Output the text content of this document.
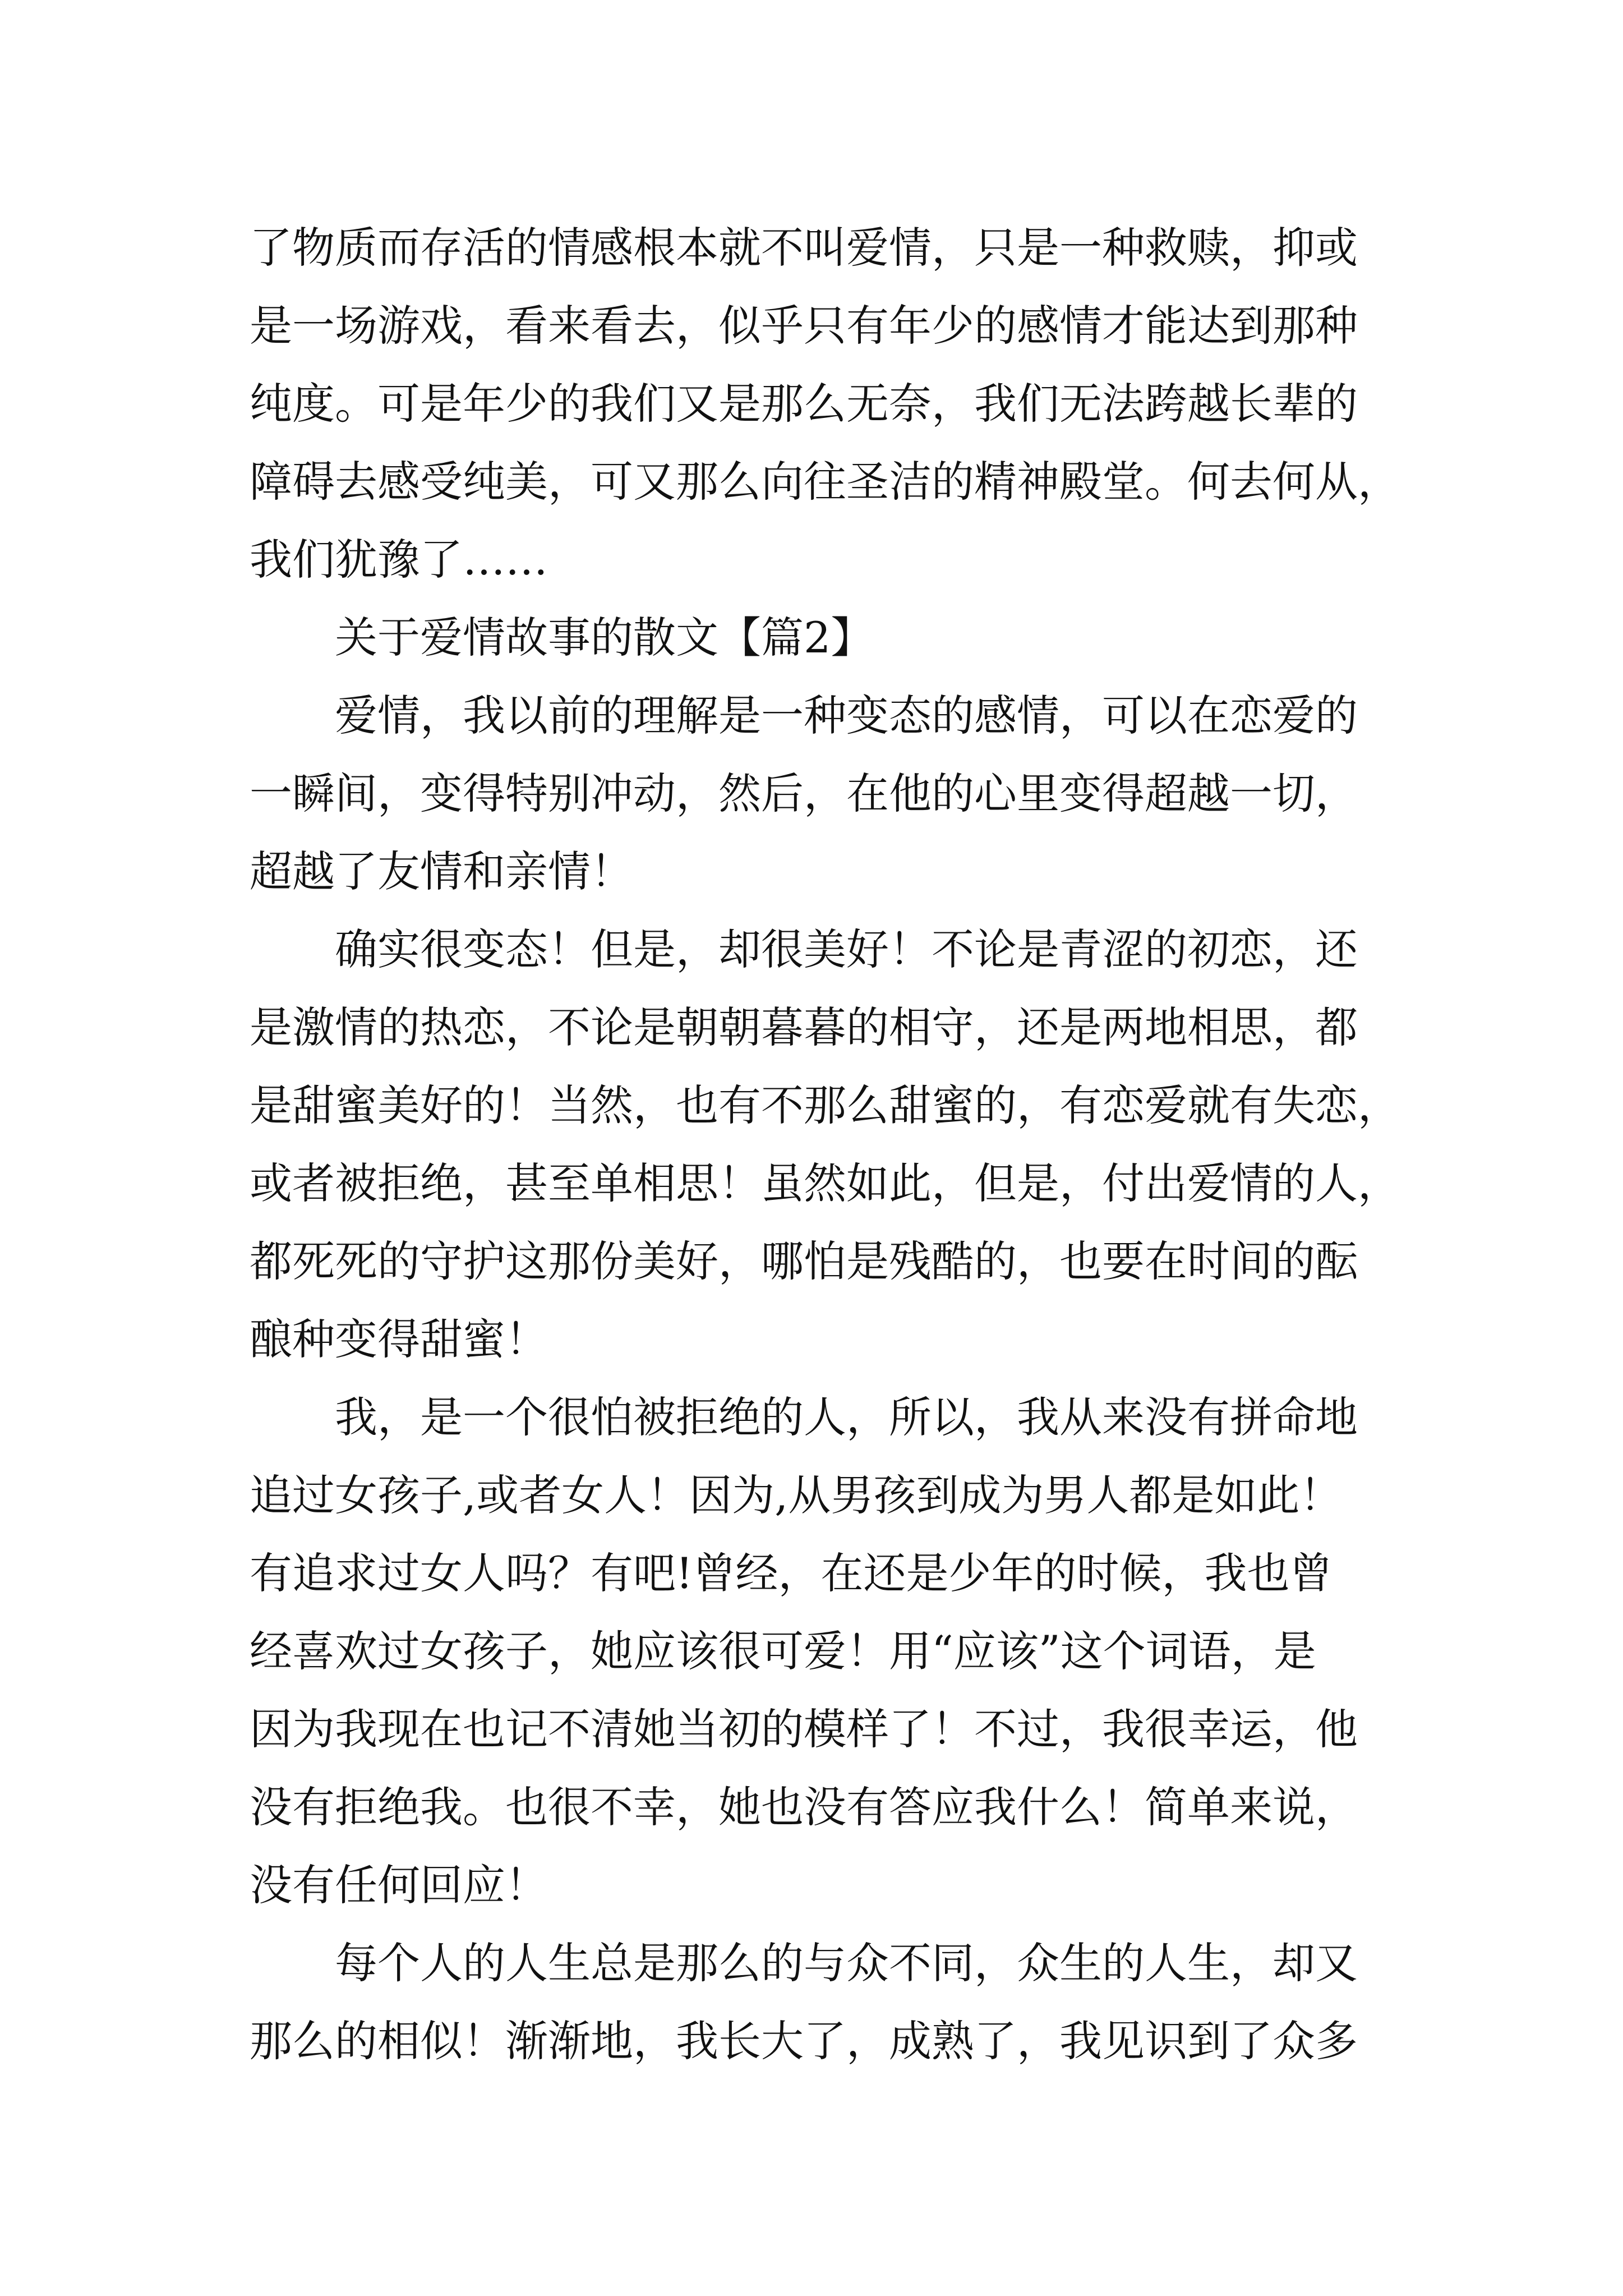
了物质而存活的情感根本就不叫爱情，只是一种救赎，抑或
是一场游戏，看来看去，似乎只有年少的感情才能达到那种
纯度。可是年少的我们又是那么无奈，我们无法跨越长辈的
障碍去感受纯美，可又那么向往圣洁的精神殿堂。何去何从，
我们犹豫了……
关于爱情故事的散文【篇2】
爱情，我以前的理解是一种变态的感情，可以在恋爱的
一瞬间，变得特别冲动，然后，在他的心里变得超越一切，
超越了友情和亲情！
确实很变态！但是，却很美好！不论是青涩的初恋，还
是激情的热恋，不论是朝朝暮暮的相守，还是两地相思，都
是甜蜜美好的！当然，也有不那么甜蜜的，有恋爱就有失恋，
或者被拒绝，甚至单相思！虽然如此，但是，付出爱情的人，
都死死的守护这那份美好，哪怕是残酷的，也要在时间的酝
酿种变得甜蜜！
我，是一个很怕被拒绝的人，所以，我从来没有拼命地
追过女孩子,或者女人！因为,从男孩到成为男人都是如此！
有追求过女人吗？有吧!曾经，在还是少年的时候，我也曾
经喜欢过女孩子，她应该很可爱！用“应该”这个词语，是
因为我现在也记不清她当初的模样了！不过，我很幸运，他
没有拒绝我。也很不幸，她也没有答应我什么！简单来说，
没有任何回应！
每个人的人生总是那么的与众不同，众生的人生，却又
那么的相似！渐渐地，我长大了，成熟了，我见识到了众多
